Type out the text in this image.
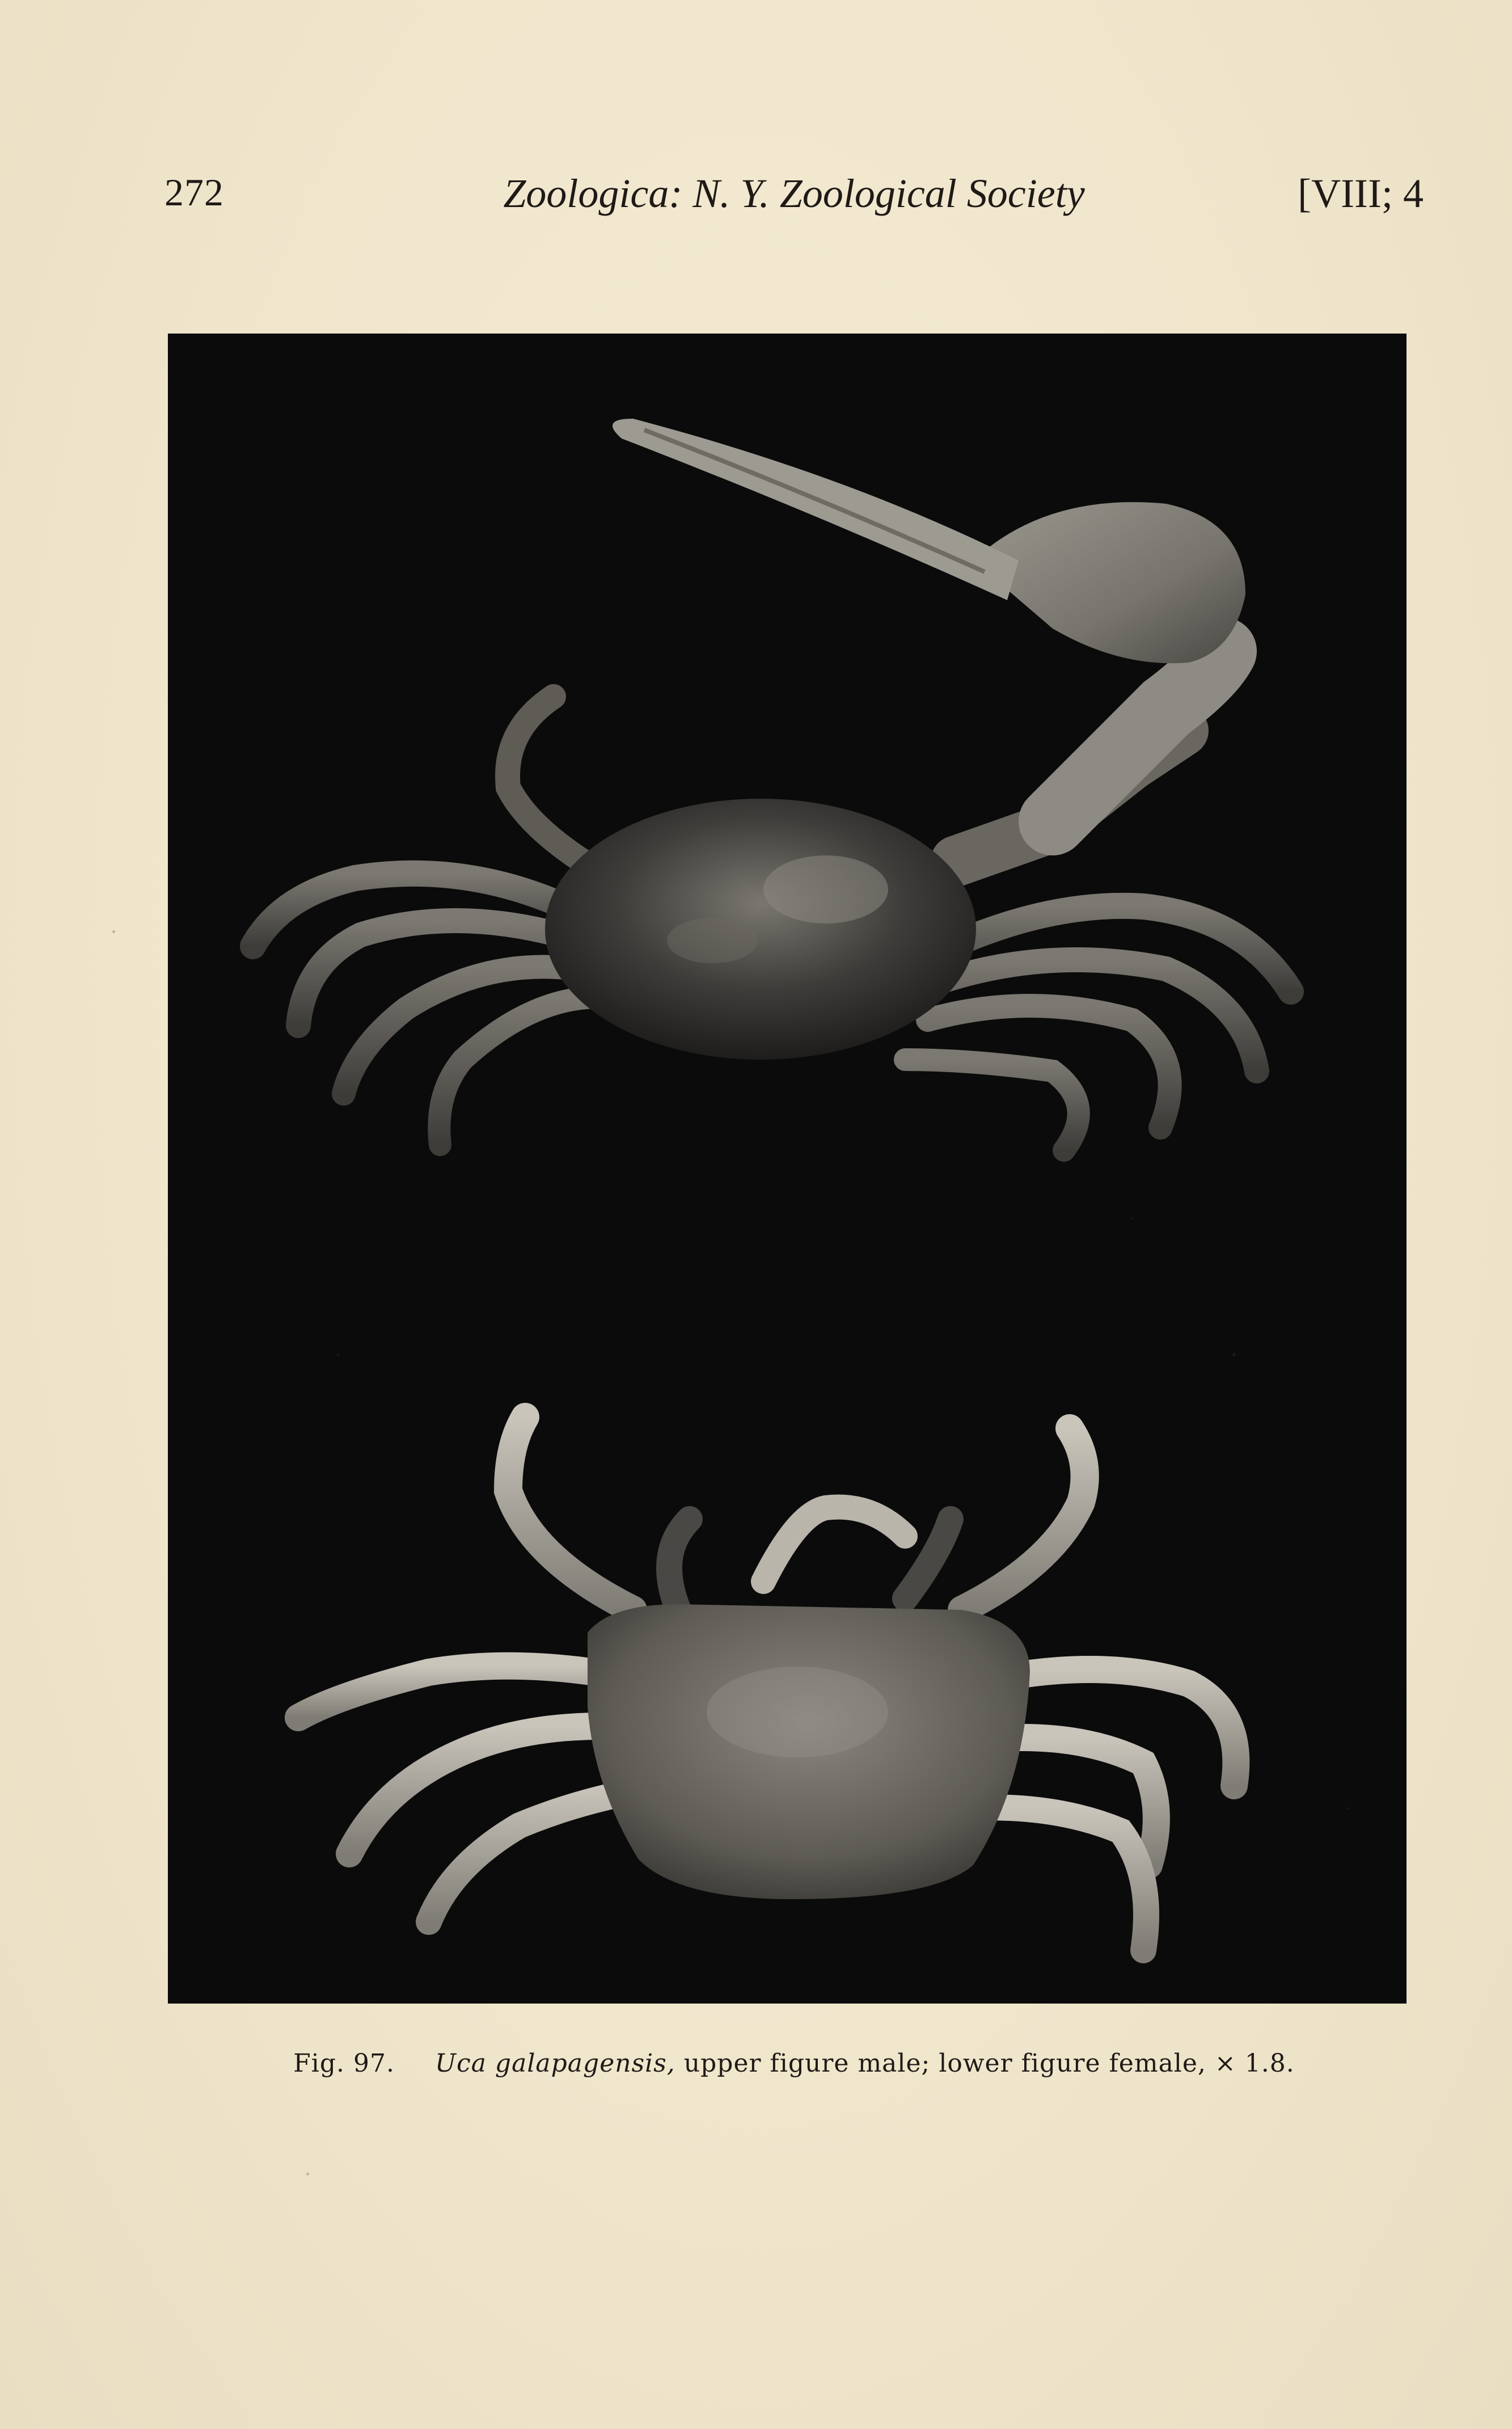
272	Zoologica: N. Y. Zoological Society	[VIII; 4
Fig. 97. Uca galapagensis, upper figure male; lower figure female, × 1.8.
